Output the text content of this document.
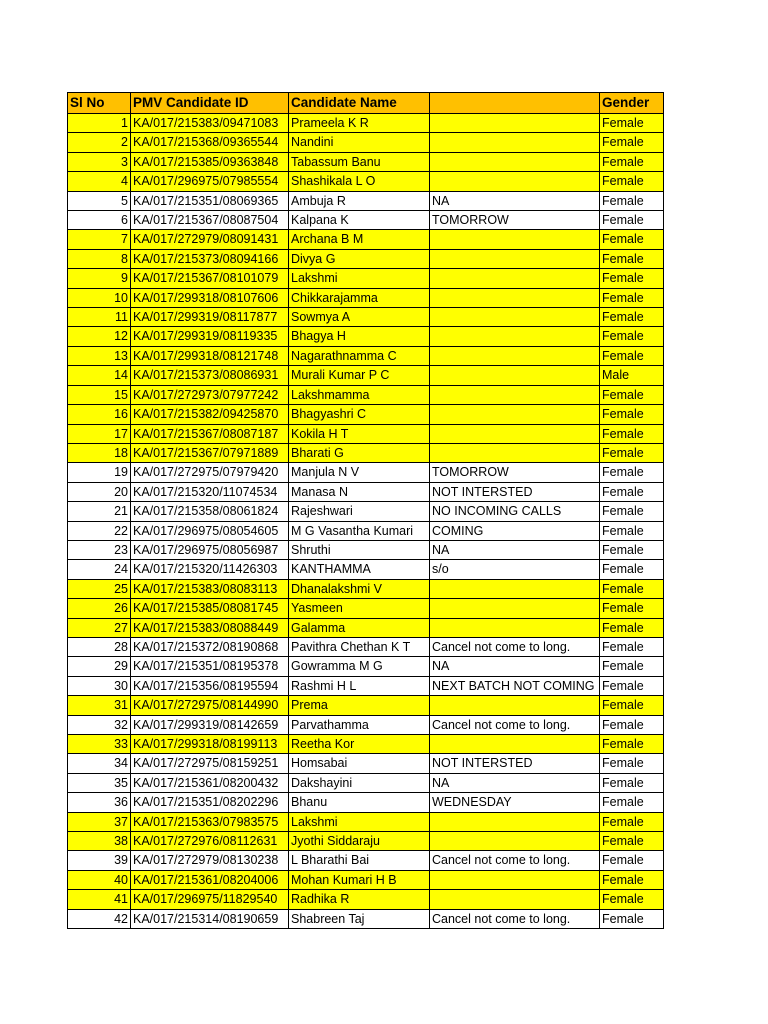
Sl No	PMV Candidate ID	Candidate Name		Gender
1	KA/017/215383/09471083	Prameela K R		Female
2	KA/017/215368/09365544	Nandini		Female
3	KA/017/215385/09363848	Tabassum Banu		Female
4	KA/017/296975/07985554	Shashikala L O		Female
5	KA/017/215351/08069365	Ambuja R	NA	Female
6	KA/017/215367/08087504	Kalpana K	TOMORROW	Female
7	KA/017/272979/08091431	Archana B M		Female
8	KA/017/215373/08094166	Divya G		Female
9	KA/017/215367/08101079	Lakshmi		Female
10	KA/017/299318/08107606	Chikkarajamma		Female
11	KA/017/299319/08117877	Sowmya A		Female
12	KA/017/299319/08119335	Bhagya H		Female
13	KA/017/299318/08121748	Nagarathnamma C		Female
14	KA/017/215373/08086931	Murali Kumar P C		Male
15	KA/017/272973/07977242	Lakshmamma		Female
16	KA/017/215382/09425870	Bhagyashri C		Female
17	KA/017/215367/08087187	Kokila H T		Female
18	KA/017/215367/07971889	Bharati G		Female
19	KA/017/272975/07979420	Manjula N V	TOMORROW	Female
20	KA/017/215320/11074534	Manasa N	NOT INTERSTED	Female
21	KA/017/215358/08061824	Rajeshwari	NO INCOMING CALLS	Female
22	KA/017/296975/08054605	M G Vasantha Kumari	COMING	Female
23	KA/017/296975/08056987	Shruthi	NA	Female
24	KA/017/215320/11426303	KANTHAMMA	s/o	Female
25	KA/017/215383/08083113	Dhanalakshmi V		Female
26	KA/017/215385/08081745	Yasmeen		Female
27	KA/017/215383/08088449	Galamma		Female
28	KA/017/215372/08190868	Pavithra Chethan K T	Cancel not come to long.	Female
29	KA/017/215351/08195378	Gowramma M G	NA	Female
30	KA/017/215356/08195594	Rashmi H L	NEXT BATCH NOT COMING	Female
31	KA/017/272975/08144990	Prema		Female
32	KA/017/299319/08142659	Parvathamma	Cancel not come to long.	Female
33	KA/017/299318/08199113	Reetha Kor		Female
34	KA/017/272975/08159251	Homsabai	NOT INTERSTED	Female
35	KA/017/215361/08200432	Dakshayini	NA	Female
36	KA/017/215351/08202296	Bhanu	WEDNESDAY	Female
37	KA/017/215363/07983575	Lakshmi		Female
38	KA/017/272976/08112631	Jyothi Siddaraju		Female
39	KA/017/272979/08130238	L Bharathi Bai	Cancel not come to long.	Female
40	KA/017/215361/08204006	Mohan Kumari H B		Female
41	KA/017/296975/11829540	Radhika R		Female
42	KA/017/215314/08190659	Shabreen Taj	Cancel not come to long.	Female
